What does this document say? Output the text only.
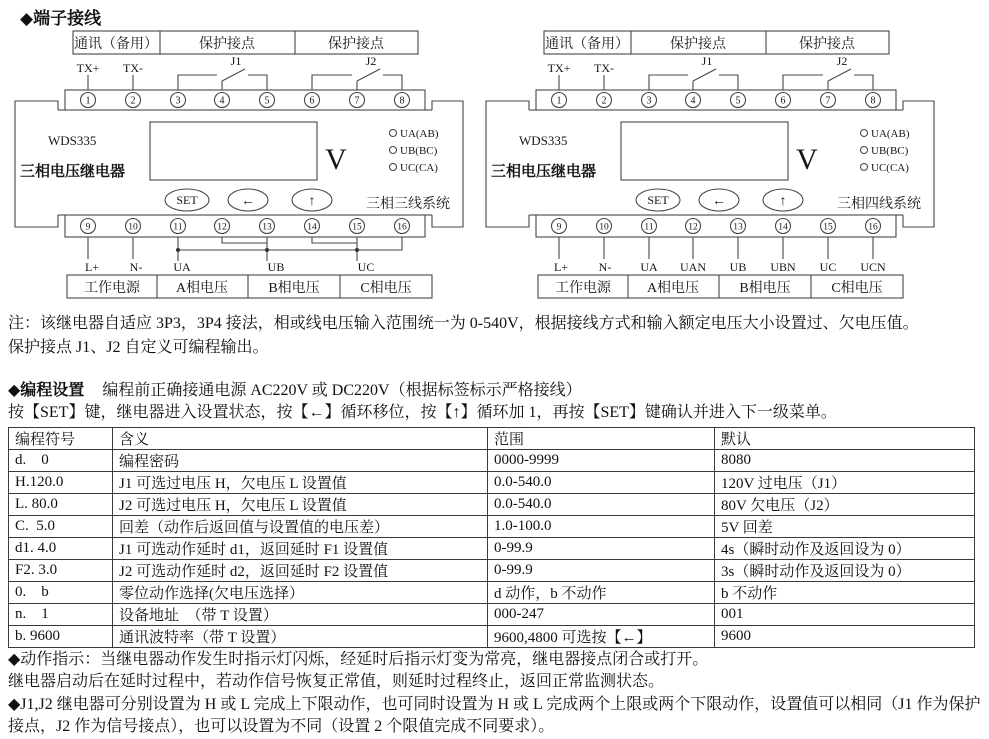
◆端子接线
通讯（备用）	保护接点	保护接点
TX+ TX-	J1	J2
1	2	3	4	5	6	7	8
WDS335
三相电压继电器	V
UA(AB)
UB(BC)
UC(CA)
SET	←	↑	三相三线系统
9	10	11	12	13	14	15	16
L+	N-	UA	UB	UC
工作电源	A相电压	B相电压	C相电压
通讯（备用）	保护接点	保护接点
TX+ TX-	J1	J2
1	2	3	4	5	6	7	8
WDS335
三相电压继电器	V
UA(AB)
UB(BC)
UC(CA)
SET	←	↑	三相四线系统
9	10	11	12	13	14	15	16
L+	N- UA UAN UB UBN UC UCN
工作电源	A相电压	B相电压	C相电压
注：该继电器自适应 3P3，3P4 接法，相或线电压输入范围统一为 0-540V，根据接线方式和输入额定电压大小设置过、欠电压值。
保护接点 J1、J2 自定义可编程输出。
◆编程设置 编程前正确接通电源 AC220V 或 DC220V（根据标签标示严格接线）
按【SET】键，继电器进入设置状态，按【←】循环移位，按【↑】循环加 1，再按【SET】键确认并进入下一级菜单。
编程符号	含义	范围	默认
d.    0	编程密码	0000-9999	8080
H.120.0	J1 可选过电压 H，欠电压 L 设置值	0.0-540.0	120V 过电压（J1）
L. 80.0	J2 可选过电压 H，欠电压 L 设置值	0.0-540.0	80V 欠电压（J2）
C.  5.0	回差（动作后返回值与设置值的电压差）	1.0-100.0	5V 回差
d1. 4.0	J1 可选动作延时 d1，返回延时 F1 设置值	0-99.9	4s（瞬时动作及返回设为 0）
F2. 3.0	J2 可选动作延时 d2，返回延时 F2 设置值	0-99.9	3s（瞬时动作及返回设为 0）
0.    b	零位动作选择(欠电压选择）	d 动作，b 不动作	b 不动作
n.    1	设备地址　（带 T 设置）	000-247	001
b. 9600	通讯波特率（带 T 设置）	9600,4800 可选按【←】	9600
◆动作指示：当继电器动作发生时指示灯闪烁，经延时后指示灯变为常亮，继电器接点闭合或打开。
继电器启动后在延时过程中，若动作信号恢复正常值，则延时过程终止，返回正常监测状态。
◆J1,J2 继电器可分别设置为 H 或 L 完成上下限动作，也可同时设置为 H 或 L 完成两个上限或两个下限动作，设置值可以相同（J1 作为保护接点，J2 作为信号接点），也可以设置为不同（设置 2 个限值完成不同要求）。
